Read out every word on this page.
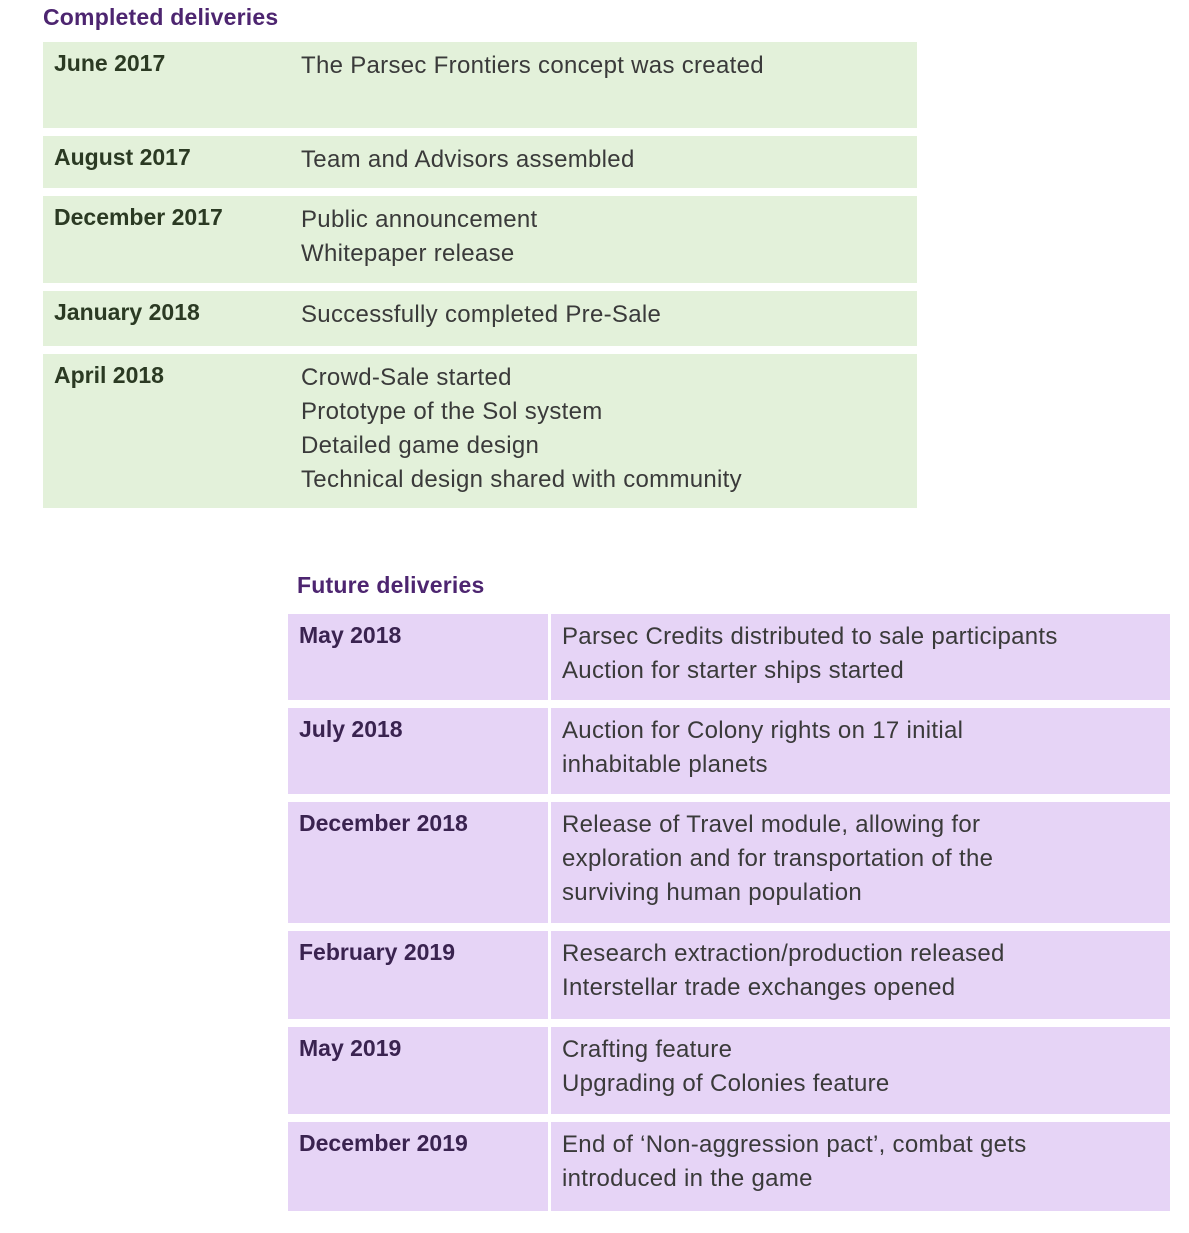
Completed deliveries
June 2017	The Parsec Frontiers concept was created
August 2017	Team and Advisors assembled
December 2017	Public announcement
Whitepaper release
January 2018	Successfully completed Pre-Sale
April 2018	Crowd-Sale started
Prototype of the Sol system
Detailed game design
Technical design shared with community
Future deliveries
May 2018	Parsec Credits distributed to sale participants
Auction for starter ships started
July 2018	Auction for Colony rights on 17 initial
inhabitable planets
December 2018	Release of Travel module, allowing for
exploration and for transportation of the
surviving human population
February 2019	Research extraction/production released
Interstellar trade exchanges opened
May 2019	Crafting feature
Upgrading of Colonies feature
December 2019	End of ‘Non-aggression pact’, combat gets
introduced in the game
